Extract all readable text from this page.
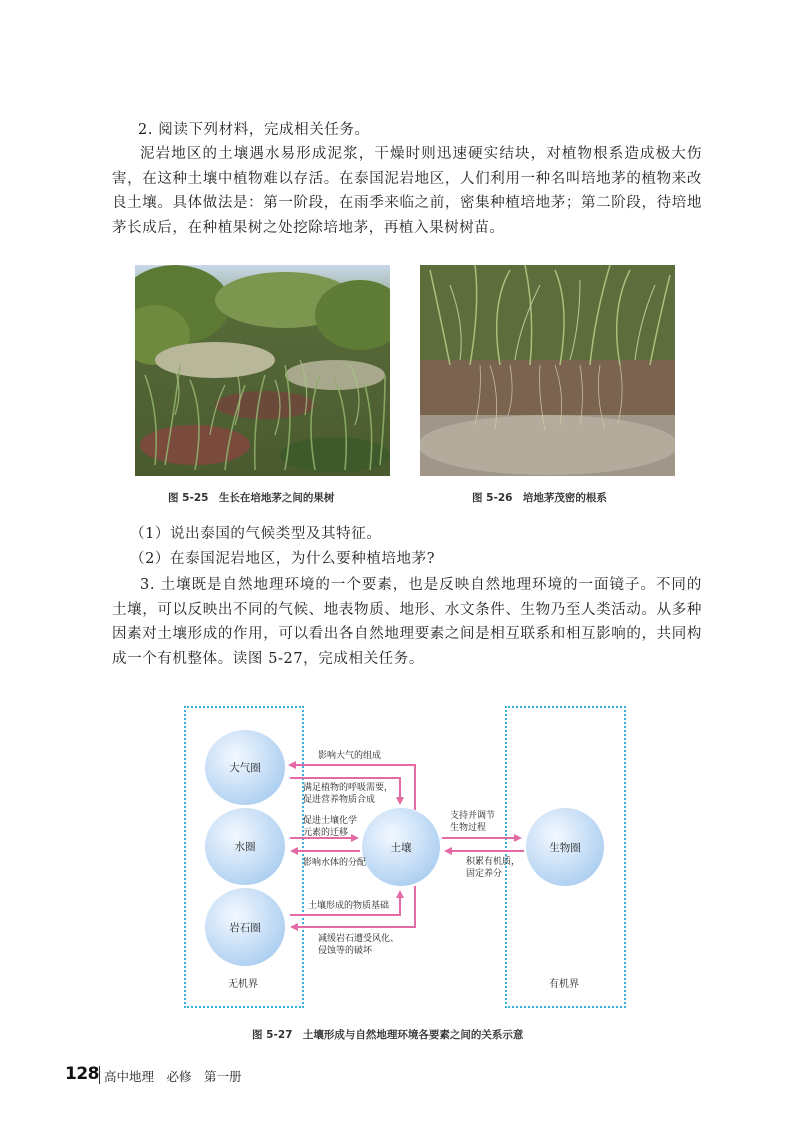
2. 阅读下列材料，完成相关任务。

泥岩地区的土壤遇水易形成泥浆，干燥时则迅速硬实结块，对植物根系造成极大伤害，在这种土壤中植物难以存活。在泰国泥岩地区，人们利用一种名叫培地茅的植物来改良土壤。具体做法是：第一阶段，在雨季来临之前，密集种植培地茅；第二阶段，待培地茅长成后，在种植果树之处挖除培地茅，再植入果树树苗。

图 5-25　生长在培地茅之间的果树	图 5-26　培地茅茂密的根系
（1）说出泰国的气候类型及其特征。
（2）在泰国泥岩地区，为什么要种植培地茅?

3. 土壤既是自然地理环境的一个要素，也是反映自然地理环境的一面镜子。不同的土壤，可以反映出不同的气候、地表物质、地形、水文条件、生物乃至人类活动。从多种因素对土壤形成的作用，可以看出各自然地理要素之间是相互联系和相互影响的，共同构成一个有机整体。读图 5-27，完成相关任务。

大气圈
水圈
岩石圈
土壤	生物圈
影响大气的组成
满足植物的呼吸需要，
促进营养物质合成
促进土壤化学
元素的迁移
影响水体的分配
土壤形成的物质基础
减缓岩石遭受风化、
侵蚀等的破坏
支持并调节
生物过程
积累有机质，
固定养分
无机界	有机界
图 5-27　土壤形成与自然地理环境各要素之间的关系示意
128 高中地理　必修　第一册
